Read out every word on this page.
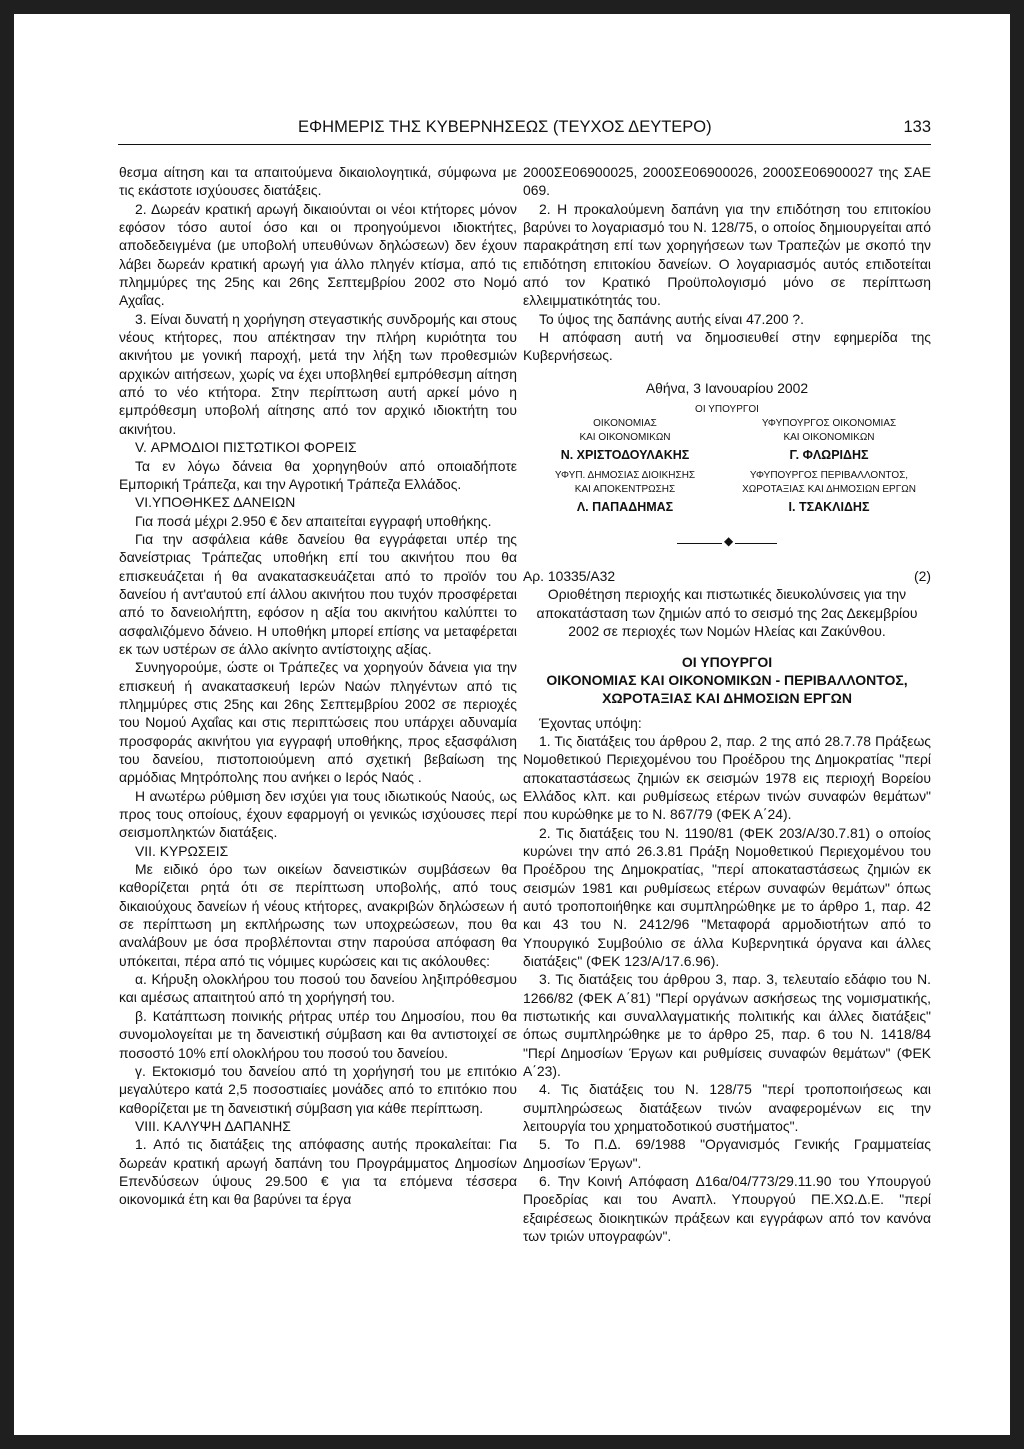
ΕΦΗΜΕΡΙΣ ΤΗΣ ΚΥΒΕΡΝΗΣΕΩΣ (ΤΕΥΧΟΣ ΔΕΥΤΕΡΟ)	133

θεσμα αίτηση και τα απαιτούμενα δικαιολογητικά, σύμφωνα με τις εκάστοτε ισχύουσες διατάξεις.

2. Δωρεάν κρατική αρωγή δικαιούνται οι νέοι κτήτορες μόνον εφόσον τόσο αυτοί όσο και οι προηγούμενοι ιδιοκτήτες, αποδεδειγμένα (με υποβολή υπευθύνων δηλώσεων) δεν έχουν λάβει δωρεάν κρατική αρωγή για άλλο πληγέν κτίσμα, από τις πλημμύρες της 25ης και 26ης Σεπτεμβρίου 2002 στο Νομό Αχαΐας.

3. Είναι δυνατή η χορήγηση στεγαστικής συνδρομής και στους νέους κτήτορες, που απέκτησαν την πλήρη κυριότητα του ακινήτου με γονική παροχή, μετά την λήξη των προθεσμιών αρχικών αιτήσεων, χωρίς να έχει υποβληθεί εμπρόθεσμη αίτηση από το νέο κτήτορα. Στην περίπτωση αυτή αρκεί μόνο η εμπρόθεσμη υποβολή αίτησης από τον αρχικό ιδιοκτήτη του ακινήτου.

V. ΑΡΜΟΔΙΟΙ ΠΙΣΤΩΤΙΚΟΙ ΦΟΡΕΙΣ

Τα εν λόγω δάνεια θα χορηγηθούν από οποιαδήποτε Εμπορική Τράπεζα, και την Αγροτική Τράπεζα Ελλάδος.

VI.ΥΠΟΘΗΚΕΣ ΔΑΝΕΙΩΝ

Για ποσά μέχρι 2.950 € δεν απαιτείται εγγραφή υποθήκης.

Για την ασφάλεια κάθε δανείου θα εγγράφεται υπέρ της δανείστριας Τράπεζας υποθήκη επί του ακινήτου που θα επισκευάζεται ή θα ανακατασκευάζεται από το προϊόν του δανείου ή αντ'αυτού επί άλλου ακινήτου που τυχόν προσφέρεται από το δανειολήπτη, εφόσον η αξία του ακινήτου καλύπτει το ασφαλιζόμενο δάνειο. Η υποθήκη μπορεί επίσης να μεταφέρεται εκ των υστέρων σε άλλο ακίνητο αντίστοιχης αξίας.

Συνηγορούμε, ώστε οι Τράπεζες να χορηγούν δάνεια για την επισκευή ή ανακατασκευή Ιερών Ναών πληγέντων από τις πλημμύρες στις 25ης και 26ης Σεπτεμβρίου 2002 σε περιοχές του Νομού Αχαΐας και στις περιπτώσεις που υπάρχει αδυναμία προσφοράς ακινήτου για εγγραφή υποθήκης, προς εξασφάλιση του δανείου, πιστοποιούμενη από σχετική βεβαίωση της αρμόδιας Μητρόπολης που ανήκει ο Ιερός Ναός .

Η ανωτέρω ρύθμιση δεν ισχύει για τους ιδιωτικούς Ναούς, ως προς τους οποίους, έχουν εφαρμογή οι γενικώς ισχύουσες περί σεισμοπληκτών διατάξεις.

VII. ΚΥΡΩΣΕΙΣ

Με ειδικό όρο των οικείων δανειστικών συμβάσεων θα καθορίζεται ρητά ότι σε περίπτωση υποβολής, από τους δικαιούχους δανείων ή νέους κτήτορες, ανακριβών δηλώσεων ή σε περίπτωση μη εκπλήρωσης των υποχρεώσεων, που θα αναλάβουν με όσα προβλέπονται στην παρούσα απόφαση θα υπόκειται, πέρα από τις νόμιμες κυρώσεις και τις ακόλουθες:

α. Κήρυξη ολοκλήρου του ποσού του δανείου ληξιπρόθεσμου και αμέσως απαιτητού από τη χορήγησή του.

β. Κατάπτωση ποινικής ρήτρας υπέρ του Δημοσίου, που θα συνομολογείται με τη δανειστική σύμβαση και θα αντιστοιχεί σε ποσοστό 10% επί ολοκλήρου του ποσού του δανείου.

γ. Εκτοκισμό του δανείου από τη χορήγησή του με επιτόκιο μεγαλύτερο κατά 2,5 ποσοστιαίες μονάδες από το επιτόκιο που καθορίζεται με τη δανειστική σύμβαση για κάθε περίπτωση.

VIII. ΚΑΛΥΨΗ ΔΑΠΑΝΗΣ

1. Από τις διατάξεις της απόφασης αυτής προκαλείται: Για δωρεάν κρατική αρωγή δαπάνη του Προγράμματος Δημοσίων Επενδύσεων ύψους 29.500 € για τα επόμενα τέσσερα οικονομικά έτη και θα βαρύνει τα έργα

2000ΣΕ06900025, 2000ΣΕ06900026, 2000ΣΕ06900027 της ΣΑΕ 069.

2. Η προκαλούμενη δαπάνη για την επιδότηση του επιτοκίου βαρύνει το λογαριασμό του Ν. 128/75, ο οποίος δημιουργείται από παρακράτηση επί των χορηγήσεων των Τραπεζών με σκοπό την επιδότηση επιτοκίου δανείων. Ο λογαριασμός αυτός επιδοτείται από τον Κρατικό Προϋπολογισμό μόνο σε περίπτωση ελλειμματικότητάς του.

Το ύψος της δαπάνης αυτής είναι 47.200 ?.

Η απόφαση αυτή να δημοσιευθεί στην εφημερίδα της Κυβερνήσεως.

Αθήνα, 3 Ιανουαρίου 2002

ΟΙ ΥΠΟΥΡΓΟΙ
ΟΙΚΟΝΟΜΙΑΣ
ΚΑΙ ΟΙΚΟΝΟΜΙΚΩΝ
Ν. ΧΡΙΣΤΟΔΟΥΛΑΚΗΣ
ΥΦΥΠΟΥΡΓΟΣ ΟΙΚΟΝΟΜΙΑΣ
ΚΑΙ ΟΙΚΟΝΟΜΙΚΩΝ
Γ. ΦΛΩΡΙΔΗΣ
ΥΦΥΠ. ΔΗΜΟΣΙΑΣ ΔΙΟΙΚΗΣΗΣ
ΚΑΙ ΑΠΟΚΕΝΤΡΩΣΗΣ
Λ. ΠΑΠΑΔΗΜΑΣ
ΥΦΥΠΟΥΡΓΟΣ ΠΕΡΙΒΑΛΛΟΝΤΟΣ,
ΧΩΡΟΤΑΞΙΑΣ ΚΑΙ ΔΗΜΟΣΙΩΝ ΕΡΓΩΝ
Ι. ΤΣΑΚΛΙΔΗΣ
◆
Αρ. 10335/Α32	(2)

Οριοθέτηση περιοχής και πιστωτικές διευκολύνσεις για την αποκατάσταση των ζημιών από το σεισμό της 2ας Δεκεμβρίου 2002 σε περιοχές των Νομών Ηλείας και Ζακύνθου.

ΟΙ ΥΠΟΥΡΓΟΙ

ΟΙΚΟΝΟΜΙΑΣ ΚΑΙ ΟΙΚΟΝΟΜΙΚΩΝ - ΠΕΡΙΒΑΛΛΟΝΤΟΣ, ΧΩΡΟΤΑΞΙΑΣ ΚΑΙ ΔΗΜΟΣΙΩΝ ΕΡΓΩΝ

Έχοντας υπόψη:

1. Τις διατάξεις του άρθρου 2, παρ. 2 της από 28.7.78 Πράξεως Νομοθετικού Περιεχομένου του Προέδρου της Δημοκρατίας "περί αποκαταστάσεως ζημιών εκ σεισμών 1978 εις περιοχή Βορείου Ελλάδος κλπ. και ρυθμίσεως ετέρων τινών συναφών θεμάτων" που κυρώθηκε με το Ν. 867/79 (ΦΕΚ Α΄24).

2. Τις διατάξεις του Ν. 1190/81 (ΦΕΚ 203/Α/30.7.81) ο οποίος κυρώνει την από 26.3.81 Πράξη Νομοθετικού Περιεχομένου του Προέδρου της Δημοκρατίας, "περί αποκαταστάσεως ζημιών εκ σεισμών 1981 και ρυθμίσεως ετέρων συναφών θεμάτων" όπως αυτό τροποποιήθηκε και συμπληρώθηκε με το άρθρο 1, παρ. 42 και 43 του Ν. 2412/96 "Μεταφορά αρμοδιοτήτων από το Υπουργικό Συμβούλιο σε άλλα Κυβερνητικά όργανα και άλλες διατάξεις" (ΦΕΚ 123/Α/17.6.96).

3. Τις διατάξεις του άρθρου 3, παρ. 3, τελευταίο εδάφιο του Ν. 1266/82 (ΦΕΚ Α΄81) "Περί οργάνων ασκήσεως της νομισματικής, πιστωτικής και συναλλαγματικής πολιτικής και άλλες διατάξεις" όπως συμπληρώθηκε με το άρθρο 25, παρ. 6 του Ν. 1418/84 "Περί Δημοσίων Έργων και ρυθμίσεις συναφών θεμάτων" (ΦΕΚ Α΄23).

4. Τις διατάξεις του Ν. 128/75 "περί τροποποιήσεως και συμπληρώσεως διατάξεων τινών αναφερομένων εις την λειτουργία του χρηματοδοτικού συστήματος".

5. Το Π.Δ. 69/1988 "Οργανισμός Γενικής Γραμματείας Δημοσίων Έργων".

6. Την Κοινή Απόφαση Δ16α/04/773/29.11.90 του Υπουργού Προεδρίας και του Αναπλ. Υπουργού ΠΕ.ΧΩ.Δ.Ε. "περί εξαιρέσεως διοικητικών πράξεων και εγγράφων από τον κανόνα των τριών υπογραφών".
